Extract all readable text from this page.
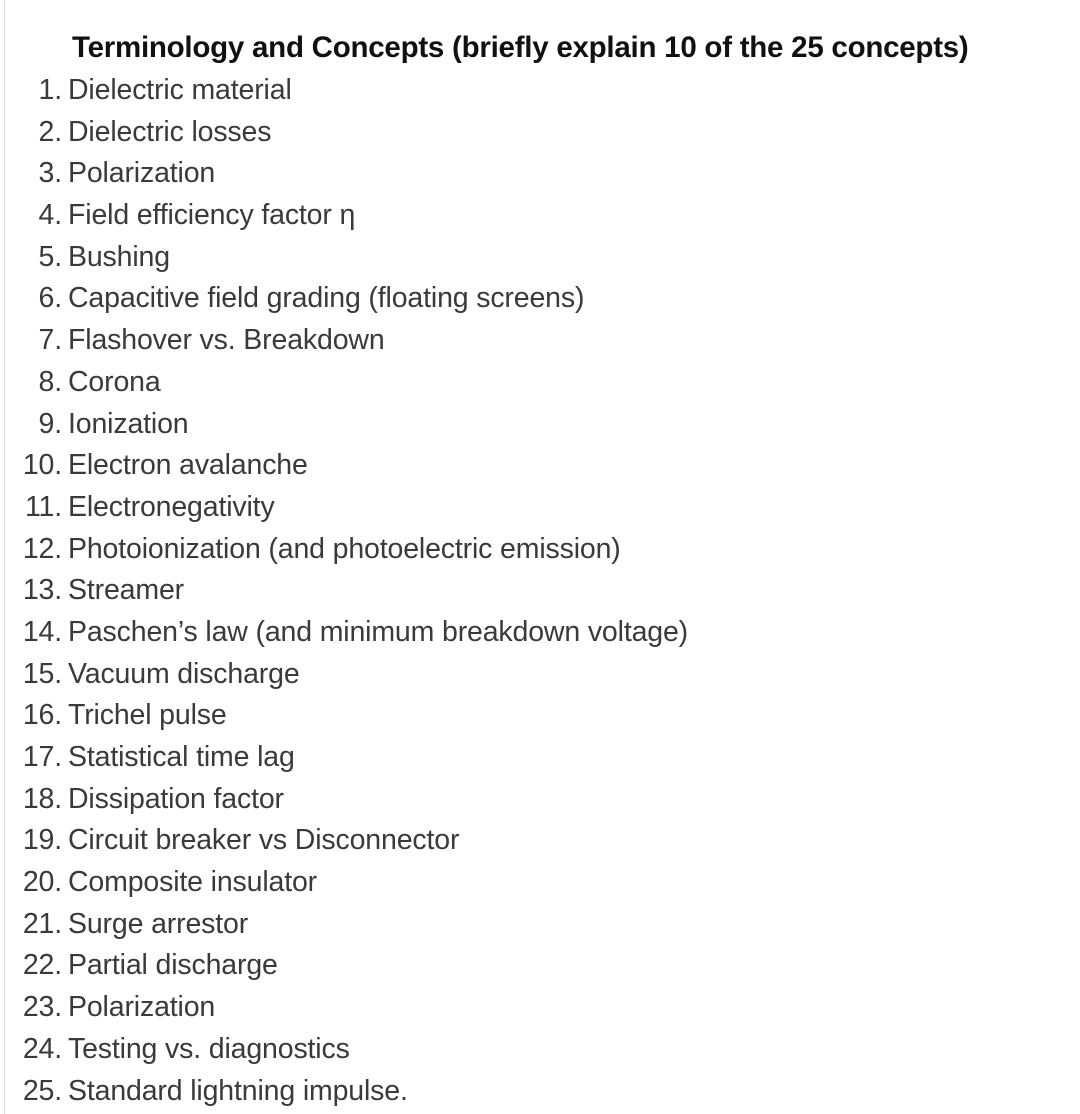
Terminology and Concepts (briefly explain 10 of the 25 concepts)
1. Dielectric material
2. Dielectric losses
3. Polarization
4. Field efficiency factor η
5. Bushing
6. Capacitive field grading (floating screens)
7. Flashover vs. Breakdown
8. Corona
9. Ionization
10. Electron avalanche
11. Electronegativity
12. Photoionization (and photoelectric emission)
13. Streamer
14. Paschen’s law (and minimum breakdown voltage)
15. Vacuum discharge
16. Trichel pulse
17. Statistical time lag
18. Dissipation factor
19. Circuit breaker vs Disconnector
20. Composite insulator
21. Surge arrestor
22. Partial discharge
23. Polarization
24. Testing vs. diagnostics
25. Standard lightning impulse.
